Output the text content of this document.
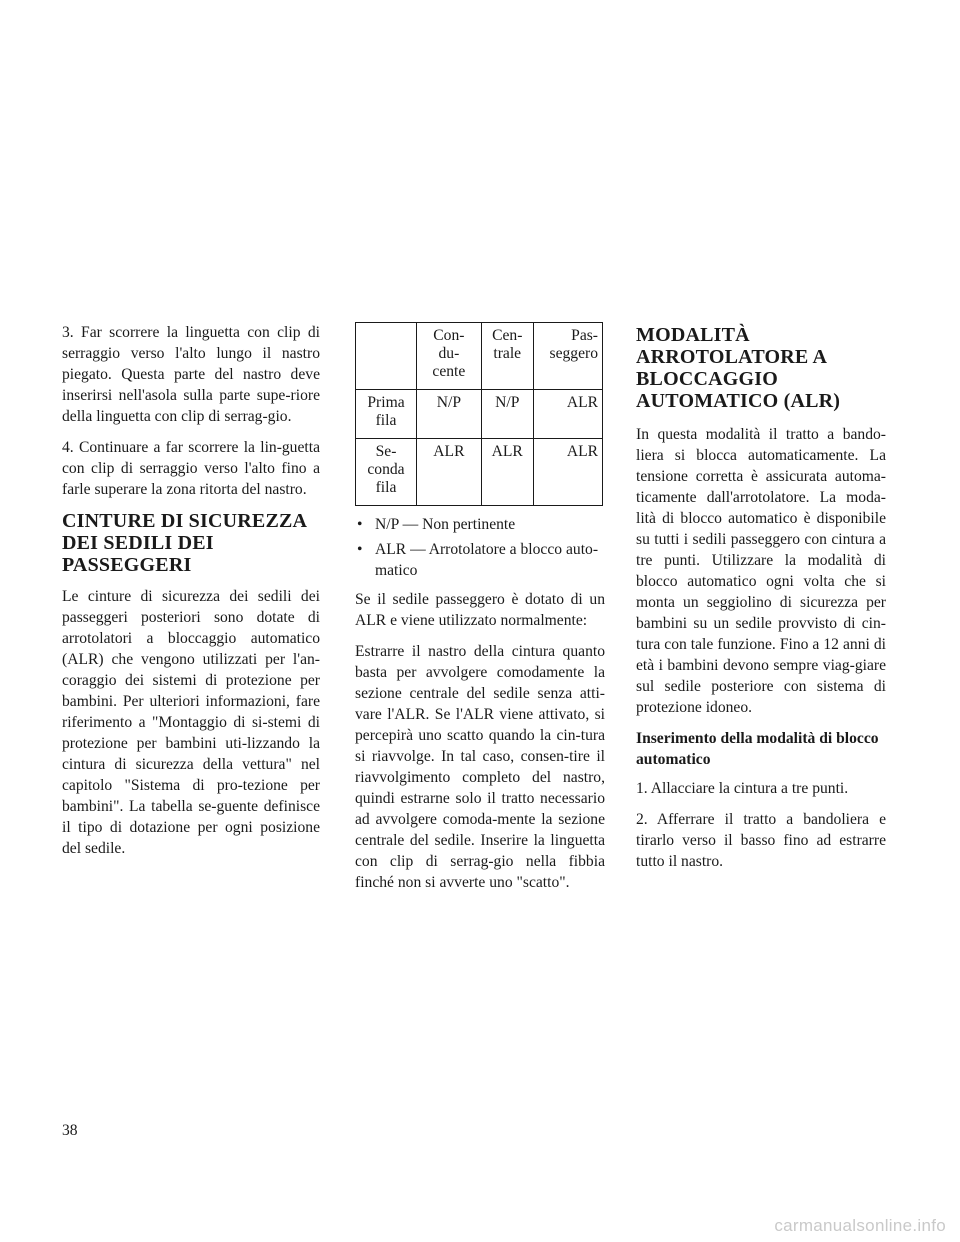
3. Far scorrere la linguetta con clip di serraggio verso l'alto lungo il nastro piegato. Questa parte del nastro deve inserirsi nell'asola sulla parte supe-riore della linguetta con clip di serrag-gio.

4. Continuare a far scorrere la lin-guetta con clip di serraggio verso l'alto fino a farle superare la zona ritorta del nastro.

CINTURE DI SICUREZZA DEI SEDILI DEI PASSEGGERI

Le cinture di sicurezza dei sedili dei passeggeri posteriori sono dotate di arrotolatori a bloccaggio automatico (ALR) che vengono utilizzati per l'an-coraggio dei sistemi di protezione per bambini. Per ulteriori informazioni, fare riferimento a "Montaggio di si-stemi di protezione per bambini uti-lizzando la cintura di sicurezza della vettura" nel capitolo "Sistema di pro-tezione per bambini". La tabella se-guente definisce il tipo di dotazione per ogni posizione del sedile.

	Con- du- cente	Cen- trale	Pas- seggero
Prima fila	N/P	N/P	ALR
Se- conda fila	ALR	ALR	ALR
• N/P — Non pertinente
• ALR — Arrotolatore a blocco auto-matico

Se il sedile passeggero è dotato di un ALR e viene utilizzato normalmente:

Estrarre il nastro della cintura quanto basta per avvolgere comodamente la sezione centrale del sedile senza atti-vare l'ALR. Se l'ALR viene attivato, si percepirà uno scatto quando la cin-tura si riavvolge. In tal caso, consen-tire il riavvolgimento completo del nastro, quindi estrarne solo il tratto necessario ad avvolgere comoda-mente la sezione centrale del sedile. Inserire la linguetta con clip di serrag-gio nella fibbia finché non si avverte uno "scatto".

MODALITÀ ARROTOLATORE A BLOCCAGGIO AUTOMATICO (ALR)

In questa modalità il tratto a bando-liera si blocca automaticamente. La tensione corretta è assicurata automa-ticamente dall'arrotolatore. La moda-lità di blocco automatico è disponibile su tutti i sedili passeggero con cintura a tre punti. Utilizzare la modalità di blocco automatico ogni volta che si monta un seggiolino di sicurezza per bambini su un sedile provvisto di cin-tura con tale funzione. Fino a 12 anni di età i bambini devono sempre viag-giare sul sedile posteriore con sistema di protezione idoneo.

Inserimento della modalità di blocco automatico

1. Allacciare la cintura a tre punti.

2. Afferrare il tratto a bandoliera e tirarlo verso il basso fino ad estrarre tutto il nastro.

38
carmanualsonline.info
